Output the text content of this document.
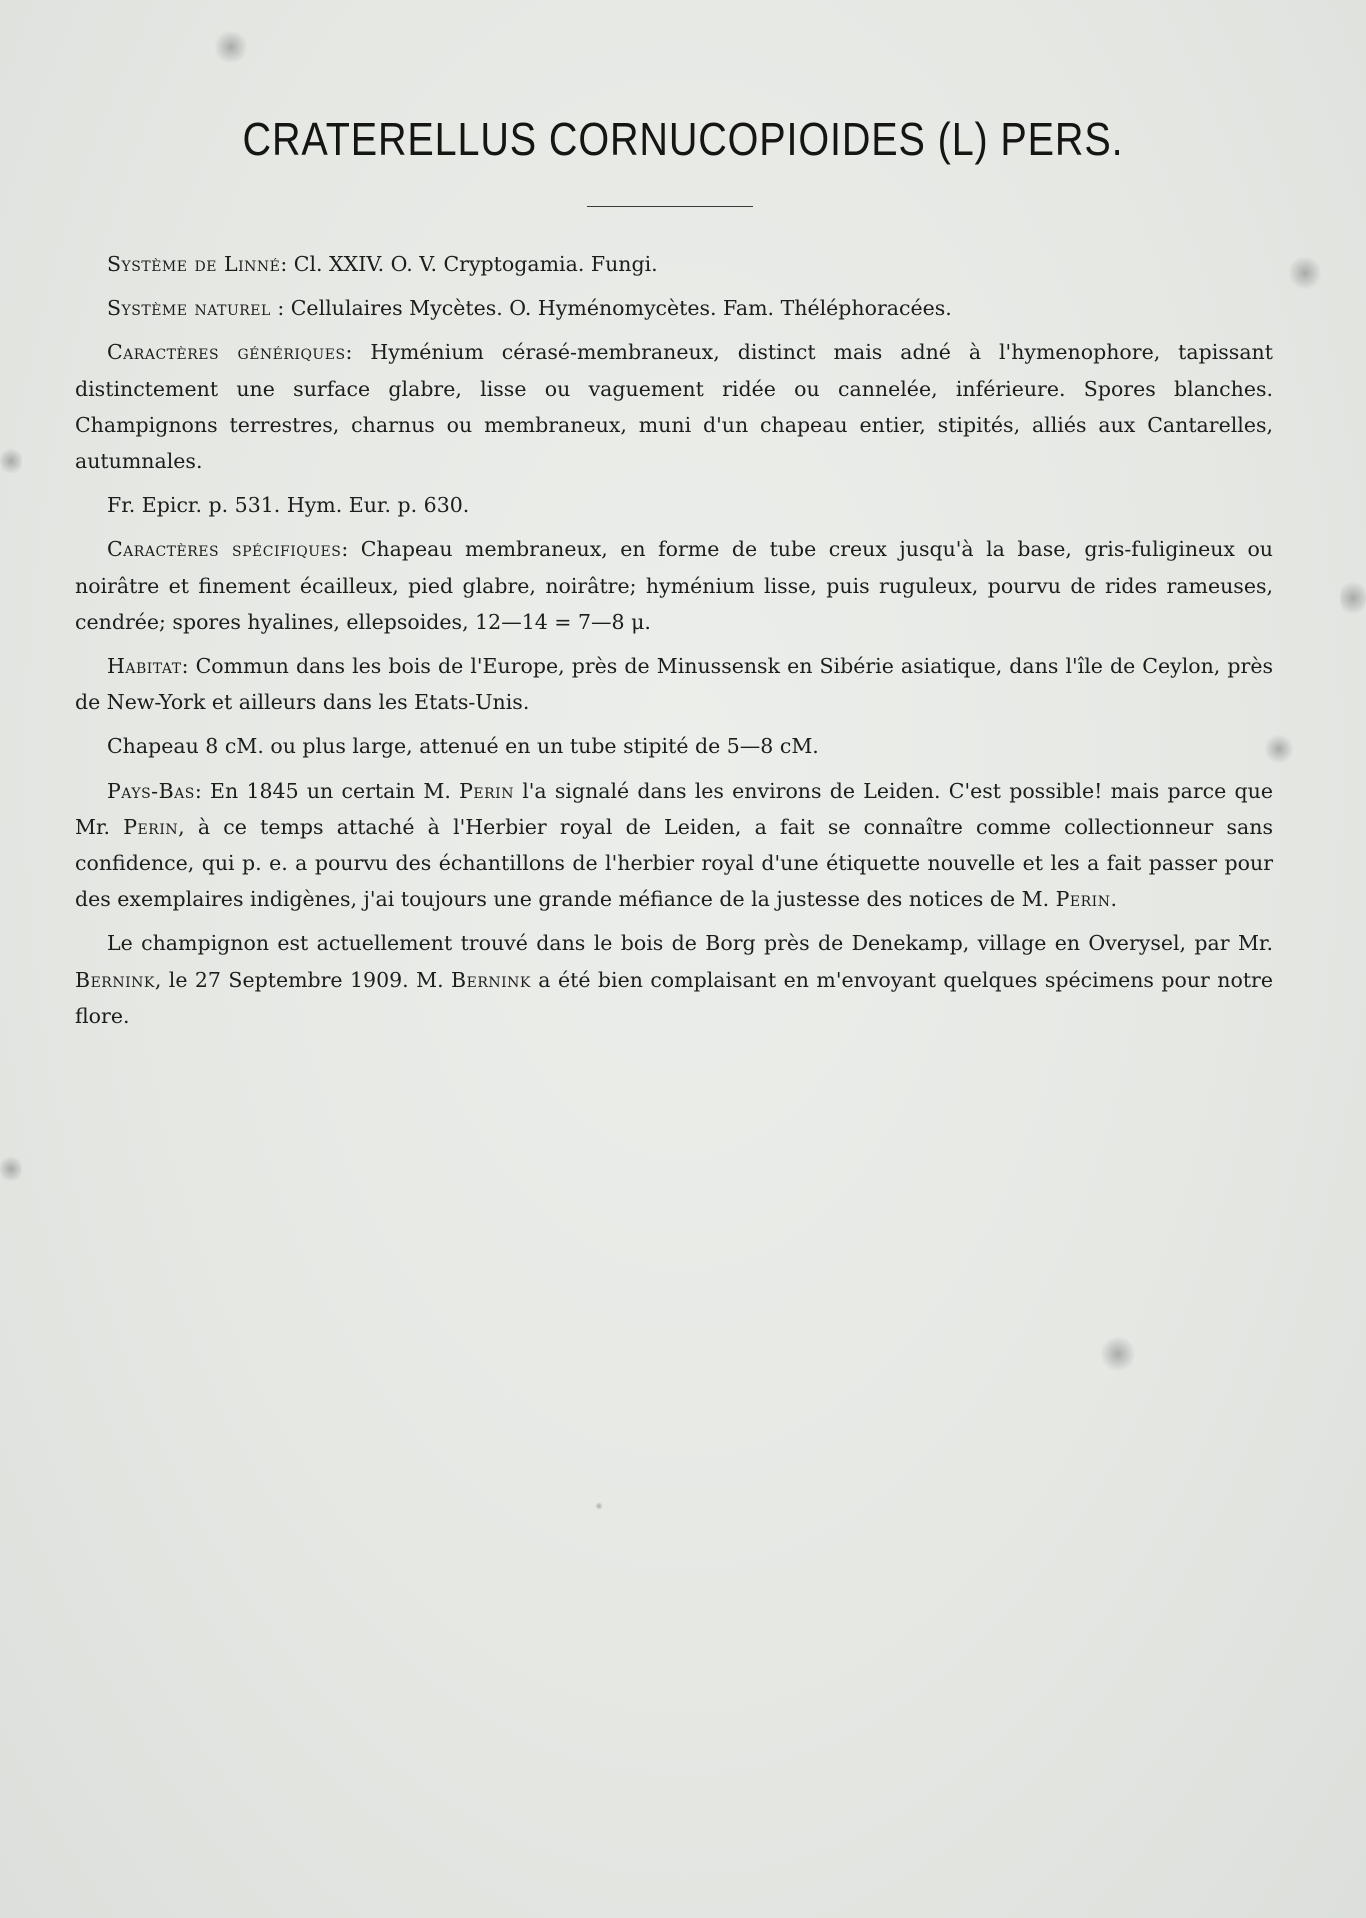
CRATERELLUS CORNUCOPIOIDES (L) PERS.

Système de Linné: Cl. XXIV. O. V. Cryptogamia. Fungi.

Système naturel : Cellulaires Mycètes. O. Hyménomycètes. Fam. Théléphoracées.

Caractères génériques: Hyménium cérasé-membraneux, distinct mais adné à l'hymenophore, tapissant distinctement une surface glabre, lisse ou vaguement ridée ou cannelée, inférieure. Spores blanches. Champignons terrestres, charnus ou membraneux, muni d'un chapeau entier, stipités, alliés aux Cantarelles, autumnales.

Fr. Epicr. p. 531. Hym. Eur. p. 630.

Caractères spécifiques: Chapeau membraneux, en forme de tube creux jusqu'à la base, gris-fuligineux ou noirâtre et finement écailleux, pied glabre, noirâtre; hyménium lisse, puis ruguleux, pourvu de rides rameuses, cendrée; spores hyalines, ellepsoides, 12—14 = 7—8 μ.

Habitat: Commun dans les bois de l'Europe, près de Minussensk en Sibérie asiatique, dans l'île de Ceylon, près de New-York et ailleurs dans les Etats-Unis.

Chapeau 8 cM. ou plus large, attenué en un tube stipité de 5—8 cM.

Pays-Bas: En 1845 un certain M. Perin l'a signalé dans les environs de Leiden. C'est possible! mais parce que Mr. Perin, à ce temps attaché à l'Herbier royal de Leiden, a fait se connaître comme collectionneur sans confidence, qui p. e. a pourvu des échantillons de l'herbier royal d'une étiquette nouvelle et les a fait passer pour des exemplaires indigènes, j'ai toujours une grande méfiance de la justesse des notices de M. Perin.

Le champignon est actuellement trouvé dans le bois de Borg près de Denekamp, village en Overysel, par Mr. Bernink, le 27 Septembre 1909. M. Bernink a été bien complaisant en m'envoyant quelques spécimens pour notre flore.
